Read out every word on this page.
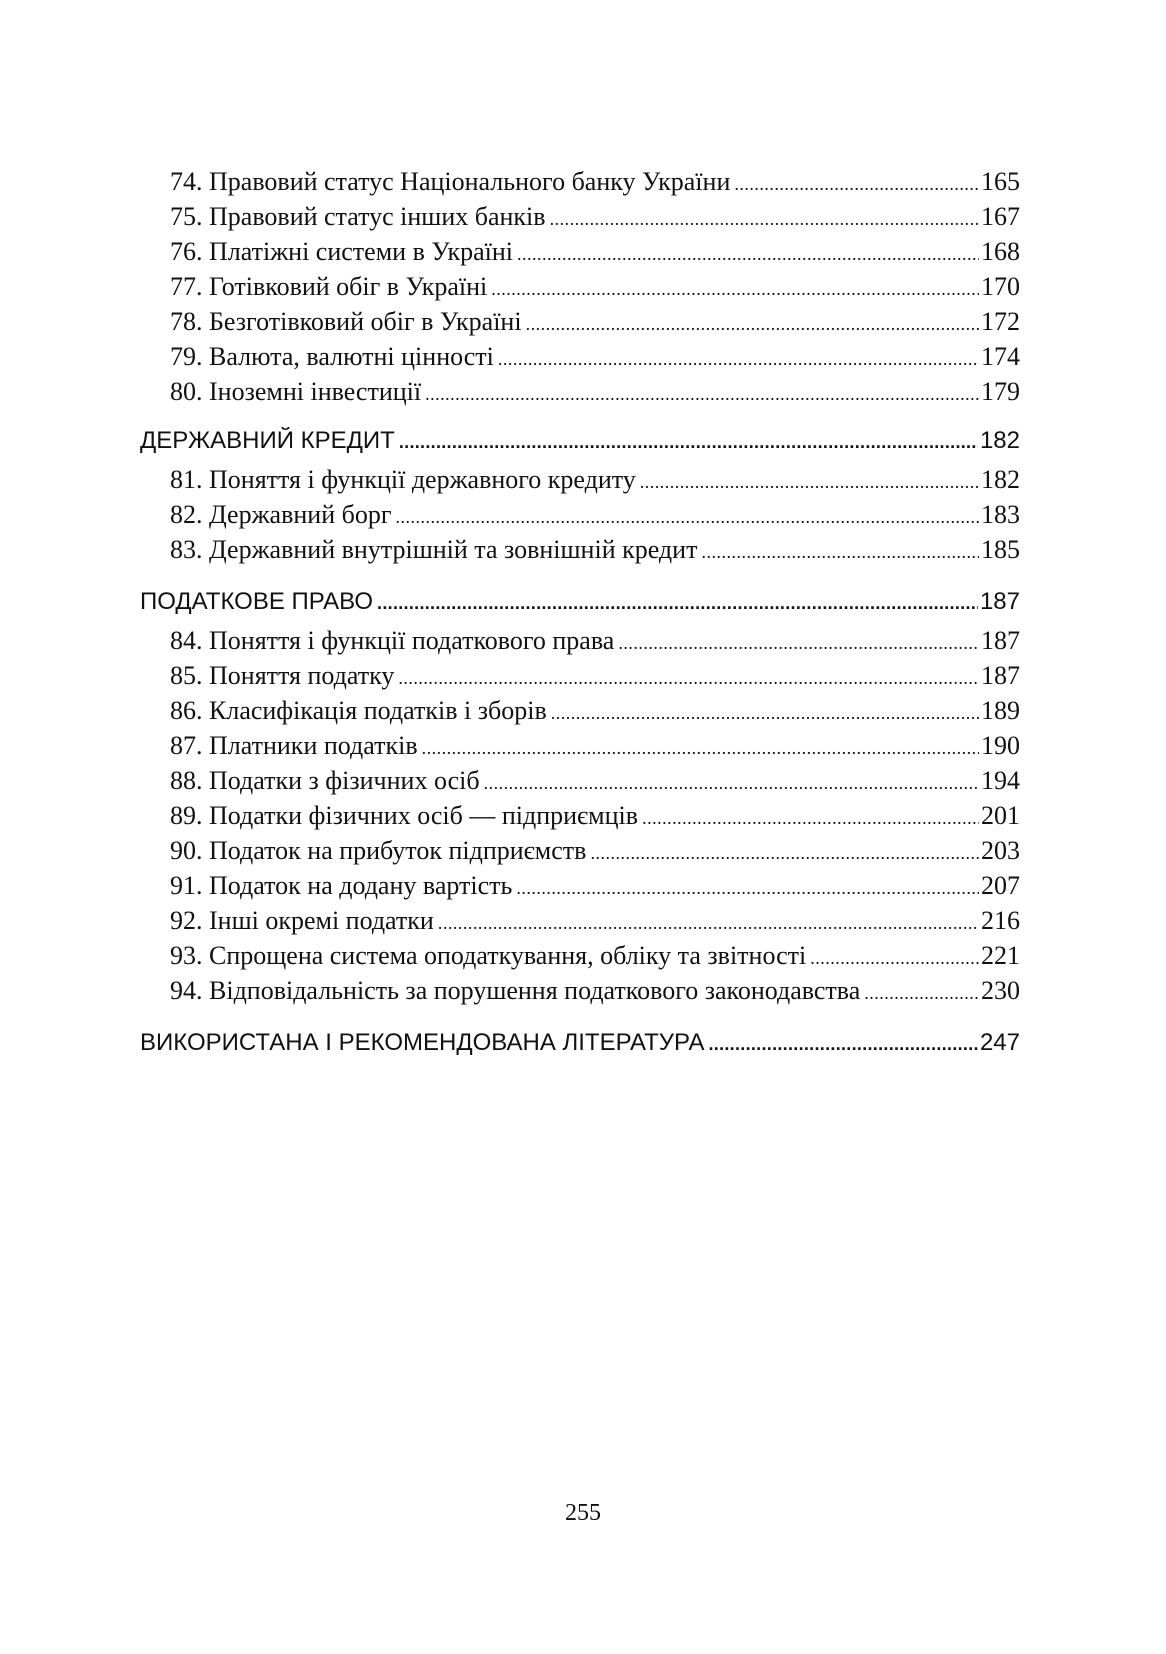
74. Правовий статус Національного банку України .....	165
75. Правовий статус інших банків .....	167
76. Платіжні системи в Україні .....	168
77. Готівковий обіг в Україні .....	170
78. Безготівковий обіг в Україні .....	172
79. Валюта, валютні цінності .....	174
80. Іноземні інвестиції .....	179
ДЕРЖАВНИЙ КРЕДИТ .....	182
81. Поняття і функції державного кредиту .....	182
82. Державний борг .....	183
83. Державний внутрішній та зовнішній кредит .....	185
ПОДАТКОВЕ ПРАВО .....	187
84. Поняття і функції податкового права .....	187
85. Поняття податку .....	187
86. Класифікація податків і зборів .....	189
87. Платники податків .....	190
88. Податки з фізичних осіб .....	194
89. Податки фізичних осіб — підприємців .....	201
90. Податок на прибуток підприємств .....	203
91. Податок на додану вартість .....	207
92. Інші окремі податки .....	216
93. Спрощена система оподаткування, обліку та звітності .....	221
94. Відповідальність за порушення податкового законодавства .....	230
ВИКОРИСТАНА І РЕКОМЕНДОВАНА ЛІТЕРАТУРА .....	247
255
